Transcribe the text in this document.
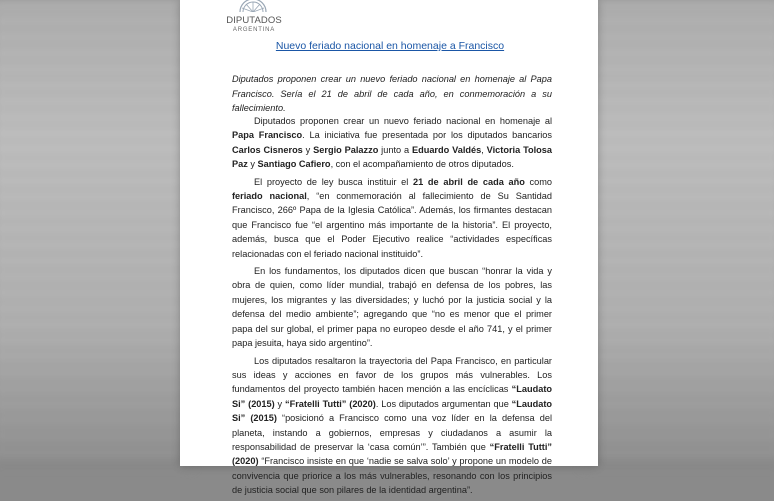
DIPUTADOS
ARGENTINA
Nuevo feriado nacional en homenaje a Francisco
Diputados proponen crear un nuevo feriado nacional en homenaje al Papa Francisco. Sería el 21 de abril de cada año, en conmemoración a su fallecimiento.

Diputados proponen crear un nuevo feriado nacional en homenaje al Papa Francisco. La iniciativa fue presentada por los diputados bancarios Carlos Cisneros y Sergio Palazzo junto a Eduardo Valdés, Victoria Tolosa Paz y Santiago Cafiero, con el acompañamiento de otros diputados.

El proyecto de ley busca instituir el 21 de abril de cada año como feriado nacional, “en conmemoración al fallecimiento de Su Santidad Francisco, 266º Papa de la Iglesia Católica”. Además, los firmantes destacan que Francisco fue “el argentino más importante de la historia”. El proyecto, además, busca que el Poder Ejecutivo realice “actividades específicas relacionadas con el feriado nacional instituido”.

En los fundamentos, los diputados dicen que buscan “honrar la vida y obra de quien, como líder mundial, trabajó en defensa de los pobres, las mujeres, los migrantes y las diversidades; y luchó por la justicia social y la defensa del medio ambiente”; agregando que “no es menor que el primer papa del sur global, el primer papa no europeo desde el año 741, y el primer papa jesuita, haya sido argentino”.

Los diputados resaltaron la trayectoria del Papa Francisco, en particular sus ideas y acciones en favor de los grupos más vulnerables. Los fundamentos del proyecto también hacen mención a las encíclicas “Laudato Si” (2015) y “Fratelli Tutti” (2020). Los diputados argumentan que “Laudato Si” (2015) “posicionó a Francisco como una voz líder en la defensa del planeta, instando a gobiernos, empresas y ciudadanos a asumir la responsabilidad de preservar la ‘casa común’”. También que “Fratelli Tutti” (2020) “Francisco insiste en que ‘nadie se salva solo’ y propone un modelo de convivencia que priorice a los más vulnerables, resonando con los principios de justicia social que son pilares de la identidad argentina”.
